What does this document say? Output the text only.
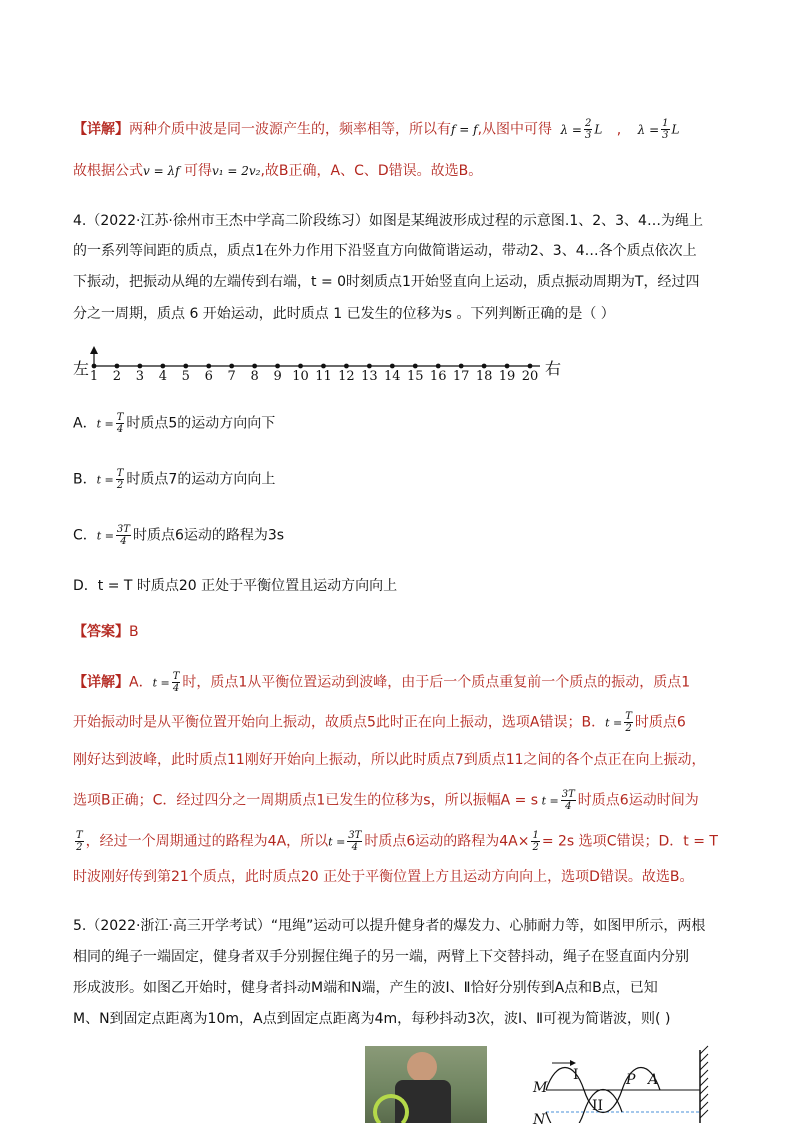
【详解】两种介质中波是同一波源产生的，频率相等，所以有f = f,从图中可得 $\lambda = \frac{2}{3}$ L , $\lambda = \frac{1}{3}$ L
故根据公式v = λf 可得v₁ = 2v₂,故B正确，A、C、D错误。故选B。
4.（2022·江苏·徐州市王杰中学高二阶段练习）如图是某绳波形成过程的示意图.1、2、3、4…为绳上
的一系列等间距的质点，质点1在外力作用下沿竖直方向做简谐运动，带动2、3、4…各个质点依次上
下振动，把振动从绳的左端传到右端，t = 0时刻质点1开始竖直向上运动，质点振动周期为T，经过四
分之一周期，质点 6 开始运动，此时质点 1 已发生的位移为s 。下列判断正确的是（ ）
左	右
1 2 3 4 5 6 7 8 9 10 11 12 13 14 15 16 17 18 19 20
A．$t = \frac{T}{4}$ 时质点5的运动方向向下
B．$t = \frac{T}{2}$ 时质点7的运动方向向上
C．$t = \frac{3T}{4}$ 时质点6运动的路程为3s
D．t = T 时质点20 正处于平衡位置且运动方向向上
【答案】B
【详解】A．$t = \frac{T}{4}$ 时，质点1从平衡位置运动到波峰，由于后一个质点重复前一个质点的振动，质点1
开始振动时是从平衡位置开始向上振动，故质点5此时正在向上振动，选项A错误；B．$t = \frac{T}{2}$ 时质点6
刚好达到波峰，此时质点11刚好开始向上振动，所以此时质点7到质点11之间的各个点正在向上振动，
选项B正确；C．经过四分之一周期质点1已发生的位移为s，所以振幅A = s $t = \frac{3T}{4}$ 时质点6运动时间为
$\frac{T}{2}$ ，经过一个周期通过的路程为4A，所以$t = \frac{3T}{4}$ 时质点6运动的路程为$4A\times \frac{1}{2} = 2s$ 选项C错误；D．t = T
时波刚好传到第21个质点，此时质点20 正处于平衡位置上方且运动方向向上，选项D错误。故选B。
5.（2022·浙江·高三开学考试）“甩绳”运动可以提升健身者的爆发力、心肺耐力等，如图甲所示，两根
相同的绳子一端固定，健身者双手分别握住绳子的另一端，两臂上下交替抖动，绳子在竖直面内分别
形成波形。如图乙开始时，健身者抖动M端和N端，产生的波Ⅰ、Ⅱ恰好分别传到A点和B点，已知
M、N到固定点距离为10m，A点到固定点距离为4m，每秒抖动3次，波Ⅰ、Ⅱ可视为简谐波，则( )
M
N
I
II
P A
